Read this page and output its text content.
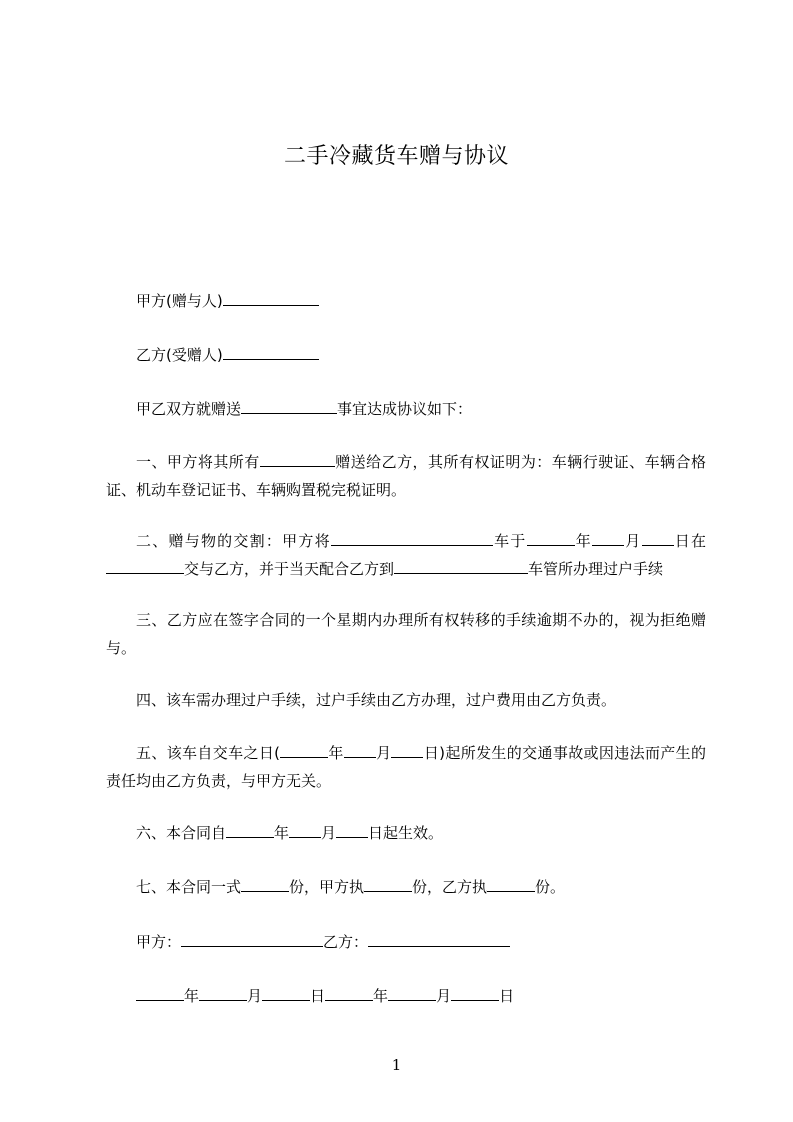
二手冷藏货车赠与协议
甲方(赠与人)
乙方(受赠人)
甲乙双方就赠送	事宜达成协议如下：
一、甲方将其所有	赠送给乙方，其所有权证明为：车辆行驶证、车辆合格证、机动车登记证书、车辆购置税完税证明。
二、赠与物的交割：甲方将	车于	年 月 日在交与乙方，并于当天配合乙方到	车管所办理过户手续
三、乙方应在签字合同的一个星期内办理所有权转移的手续逾期不办的，视为拒绝赠与。
四、该车需办理过户手续，过户手续由乙方办理，过户费用由乙方负责。
五、该车自交车之日(	年 月 日)起所发生的交通事故或因违法而产生的责任均由乙方负责，与甲方无关。
六、本合同自	年 月 日起生效。
七、本合同一式	份，甲方执	份，乙方执	份。
甲方：	乙方：
年	月	日	年	月	日
1
